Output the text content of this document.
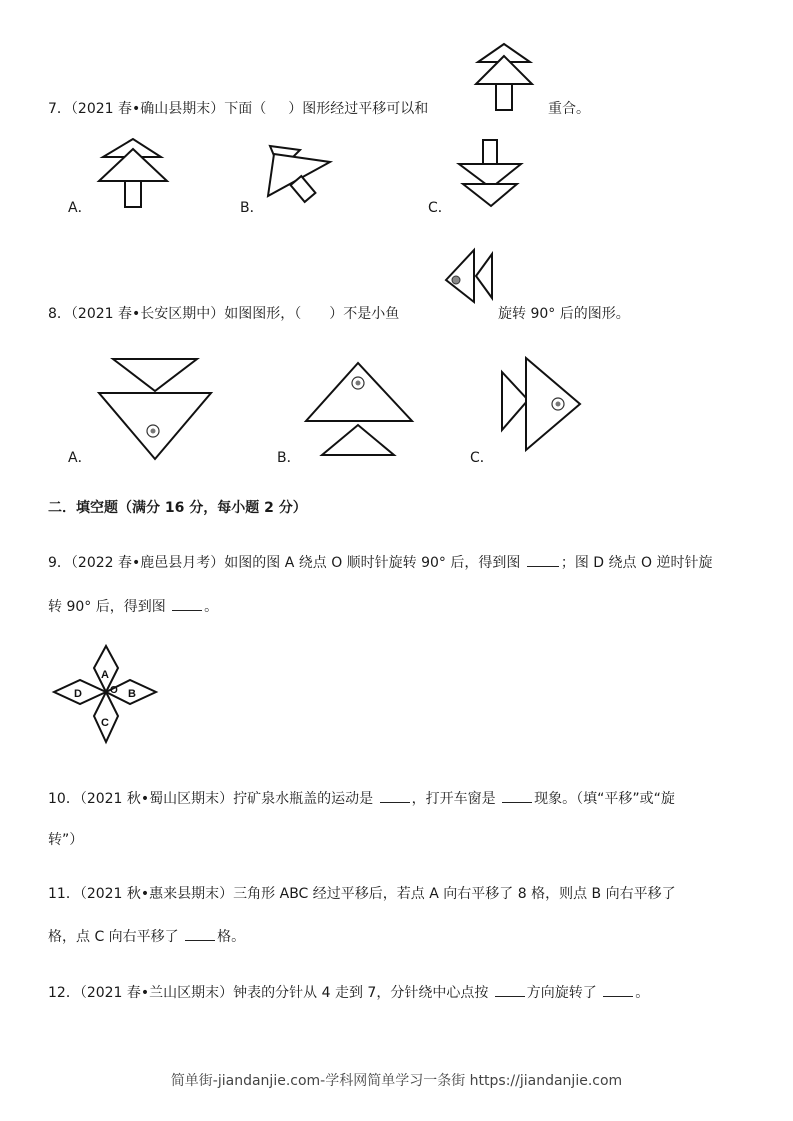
7．（2021 春•确山县期末）下面（ ）图形经过平移可以和	重合。
A．	B．	C．
8．（2021 春•长安区期中）如图图形，（ ）不是小鱼	旋转 90° 后的图形。
A．	B．	C．
二．填空题（满分 16 分，每小题 2 分）
9．（2022 春•鹿邑县月考）如图的图 A 绕点 O 顺时针旋转 90° 后，得到图	；图 D 绕点 O 逆时针旋
转 90° 后，得到图	。
A
B
C
D	O
10．（2021 秋•蜀山区期末）拧矿泉水瓶盖的运动是	，打开车窗是	现象。（填“平移”或“旋
转”）
11．（2021 秋•惠来县期末）三角形 ABC 经过平移后，若点 A 向右平移了 8 格，则点 B 向右平移了
格，点 C 向右平移了	格。
12．（2021 春•兰山区期末）钟表的分针从 4 走到 7，分针绕中心点按	方向旋转了	。
简单街-jiandanjie.com-学科网简单学习一条街 https://jiandanjie.com
